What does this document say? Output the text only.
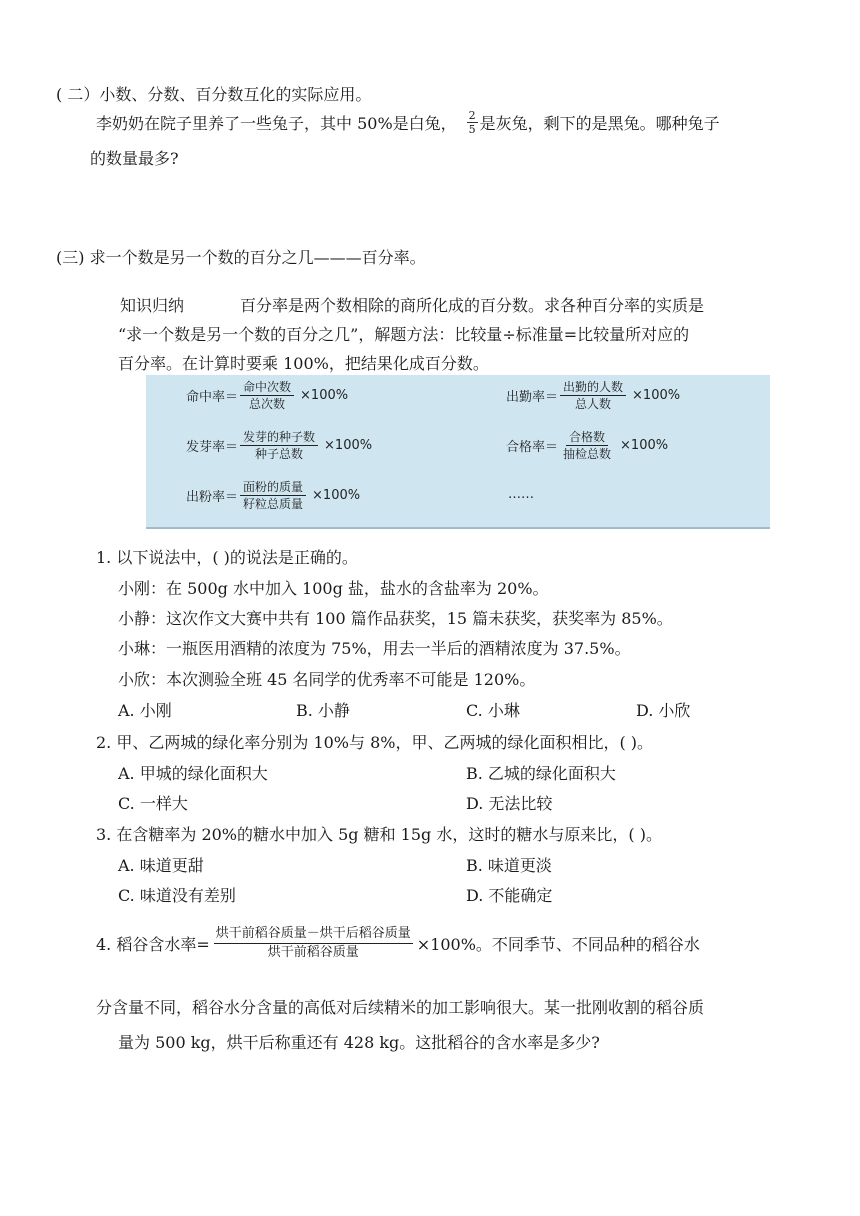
( 二）小数、分数、百分数互化的实际应用。
李奶奶在院子里养了一些兔子，其中 50%是白兔， $\frac{2}{5}$ 是灰兔，剩下的是黑兔。哪种兔子
的数量最多?
(三) 求一个数是另一个数的百分之几———百分率。
知识归纳	百分率是两个数相除的商所化成的百分数。求各种百分率的实质是
“求一个数是另一个数的百分之几”，解题方法：比较量÷标准量=比较量所对应的
百分率。在计算时要乘 100%，把结果化成百分数。
命中率＝ $\frac{\text{命中次数}}{\text{总次数}} \times 100\%$	出勤率＝ $\frac{\text{出勤的人数}}{\text{总人数}} \times 100\%$
发芽率＝ $\frac{\text{发芽的种子数}}{\text{种子总数}} \times 100\%$	合格率＝ $\frac{\text{合格数}}{\text{抽检总数}} \times 100\%$
出粉率＝ $\frac{\text{面粉的质量}}{\text{籽粒总质量}} \times 100\%$	……
1. 以下说法中，( )的说法是正确的。
小刚：在 500g 水中加入 100g 盐，盐水的含盐率为 20%。
小静：这次作文大赛中共有 100 篇作品获奖，15 篇未获奖，获奖率为 85%。
小琳：一瓶医用酒精的浓度为 75%，用去一半后的酒精浓度为 37.5%。
小欣：本次测验全班 45 名同学的优秀率不可能是 120%。
A. 小刚	B. 小静	C. 小琳	D. 小欣
2. 甲、乙两城的绿化率分别为 10%与 8%，甲、乙两城的绿化面积相比，( )。
A. 甲城的绿化面积大	B. 乙城的绿化面积大
C. 一样大	D. 无法比较
3. 在含糖率为 20%的糖水中加入 5g 糖和 15g 水，这时的糖水与原来比，( )。
A. 味道更甜	B. 味道更淡
C. 味道没有差别	D. 不能确定
4. 稻谷含水率= $\frac{\text{烘干前稻谷质量－烘干后稻谷质量}}{\text{烘干前稻谷质量}} \times 100\%$。不同季节、不同品种的稻谷水
分含量不同，稻谷水分含量的高低对后续精米的加工影响很大。某一批刚收割的稻谷质
量为 500 kg，烘干后称重还有 428 kg。这批稻谷的含水率是多少?
